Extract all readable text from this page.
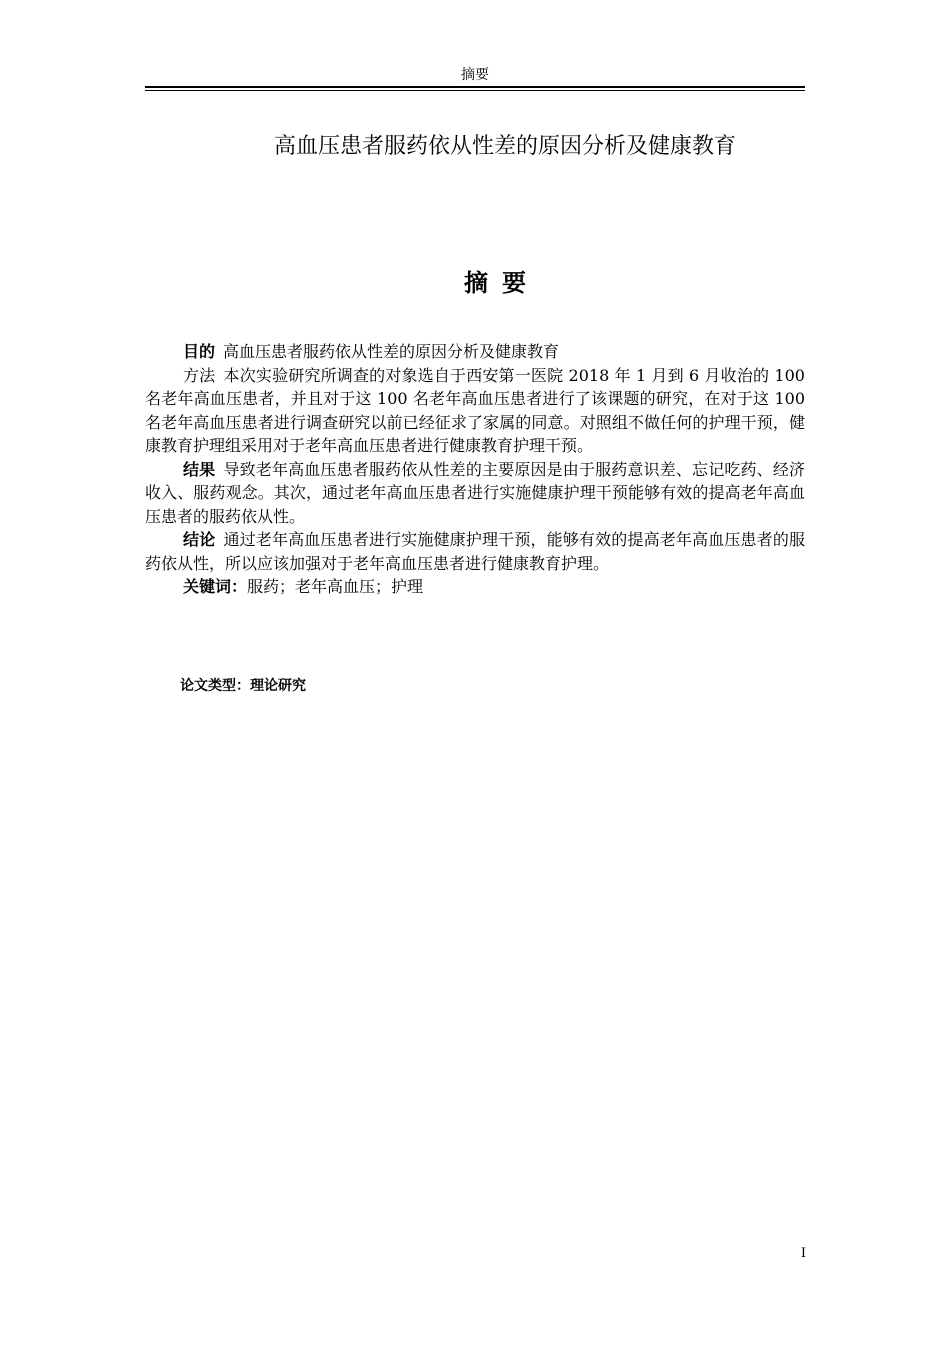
摘要
高血压患者服药依从性差的原因分析及健康教育
摘要

目的 高血压患者服药依从性差的原因分析及健康教育

方法 本次实验研究所调查的对象选自于西安第一医院 2018 年 1 月到 6 月收治的 100 名老年高血压患者，并且对于这 100 名老年高血压患者进行了该课题的研究，在对于这 100 名老年高血压患者进行调查研究以前已经征求了家属的同意。对照组不做任何的护理干预，健康教育护理组采用对于老年高血压患者进行健康教育护理干预。

结果 导致老年高血压患者服药依从性差的主要原因是由于服药意识差、忘记吃药、经济收入、服药观念。其次，通过老年高血压患者进行实施健康护理干预能够有效的提高老年高血压患者的服药依从性。

结论 通过老年高血压患者进行实施健康护理干预，能够有效的提高老年高血压患者的服药依从性，所以应该加强对于老年高血压患者进行健康教育护理。

关键词：服药；老年高血压；护理

论文类型：理论研究
I
